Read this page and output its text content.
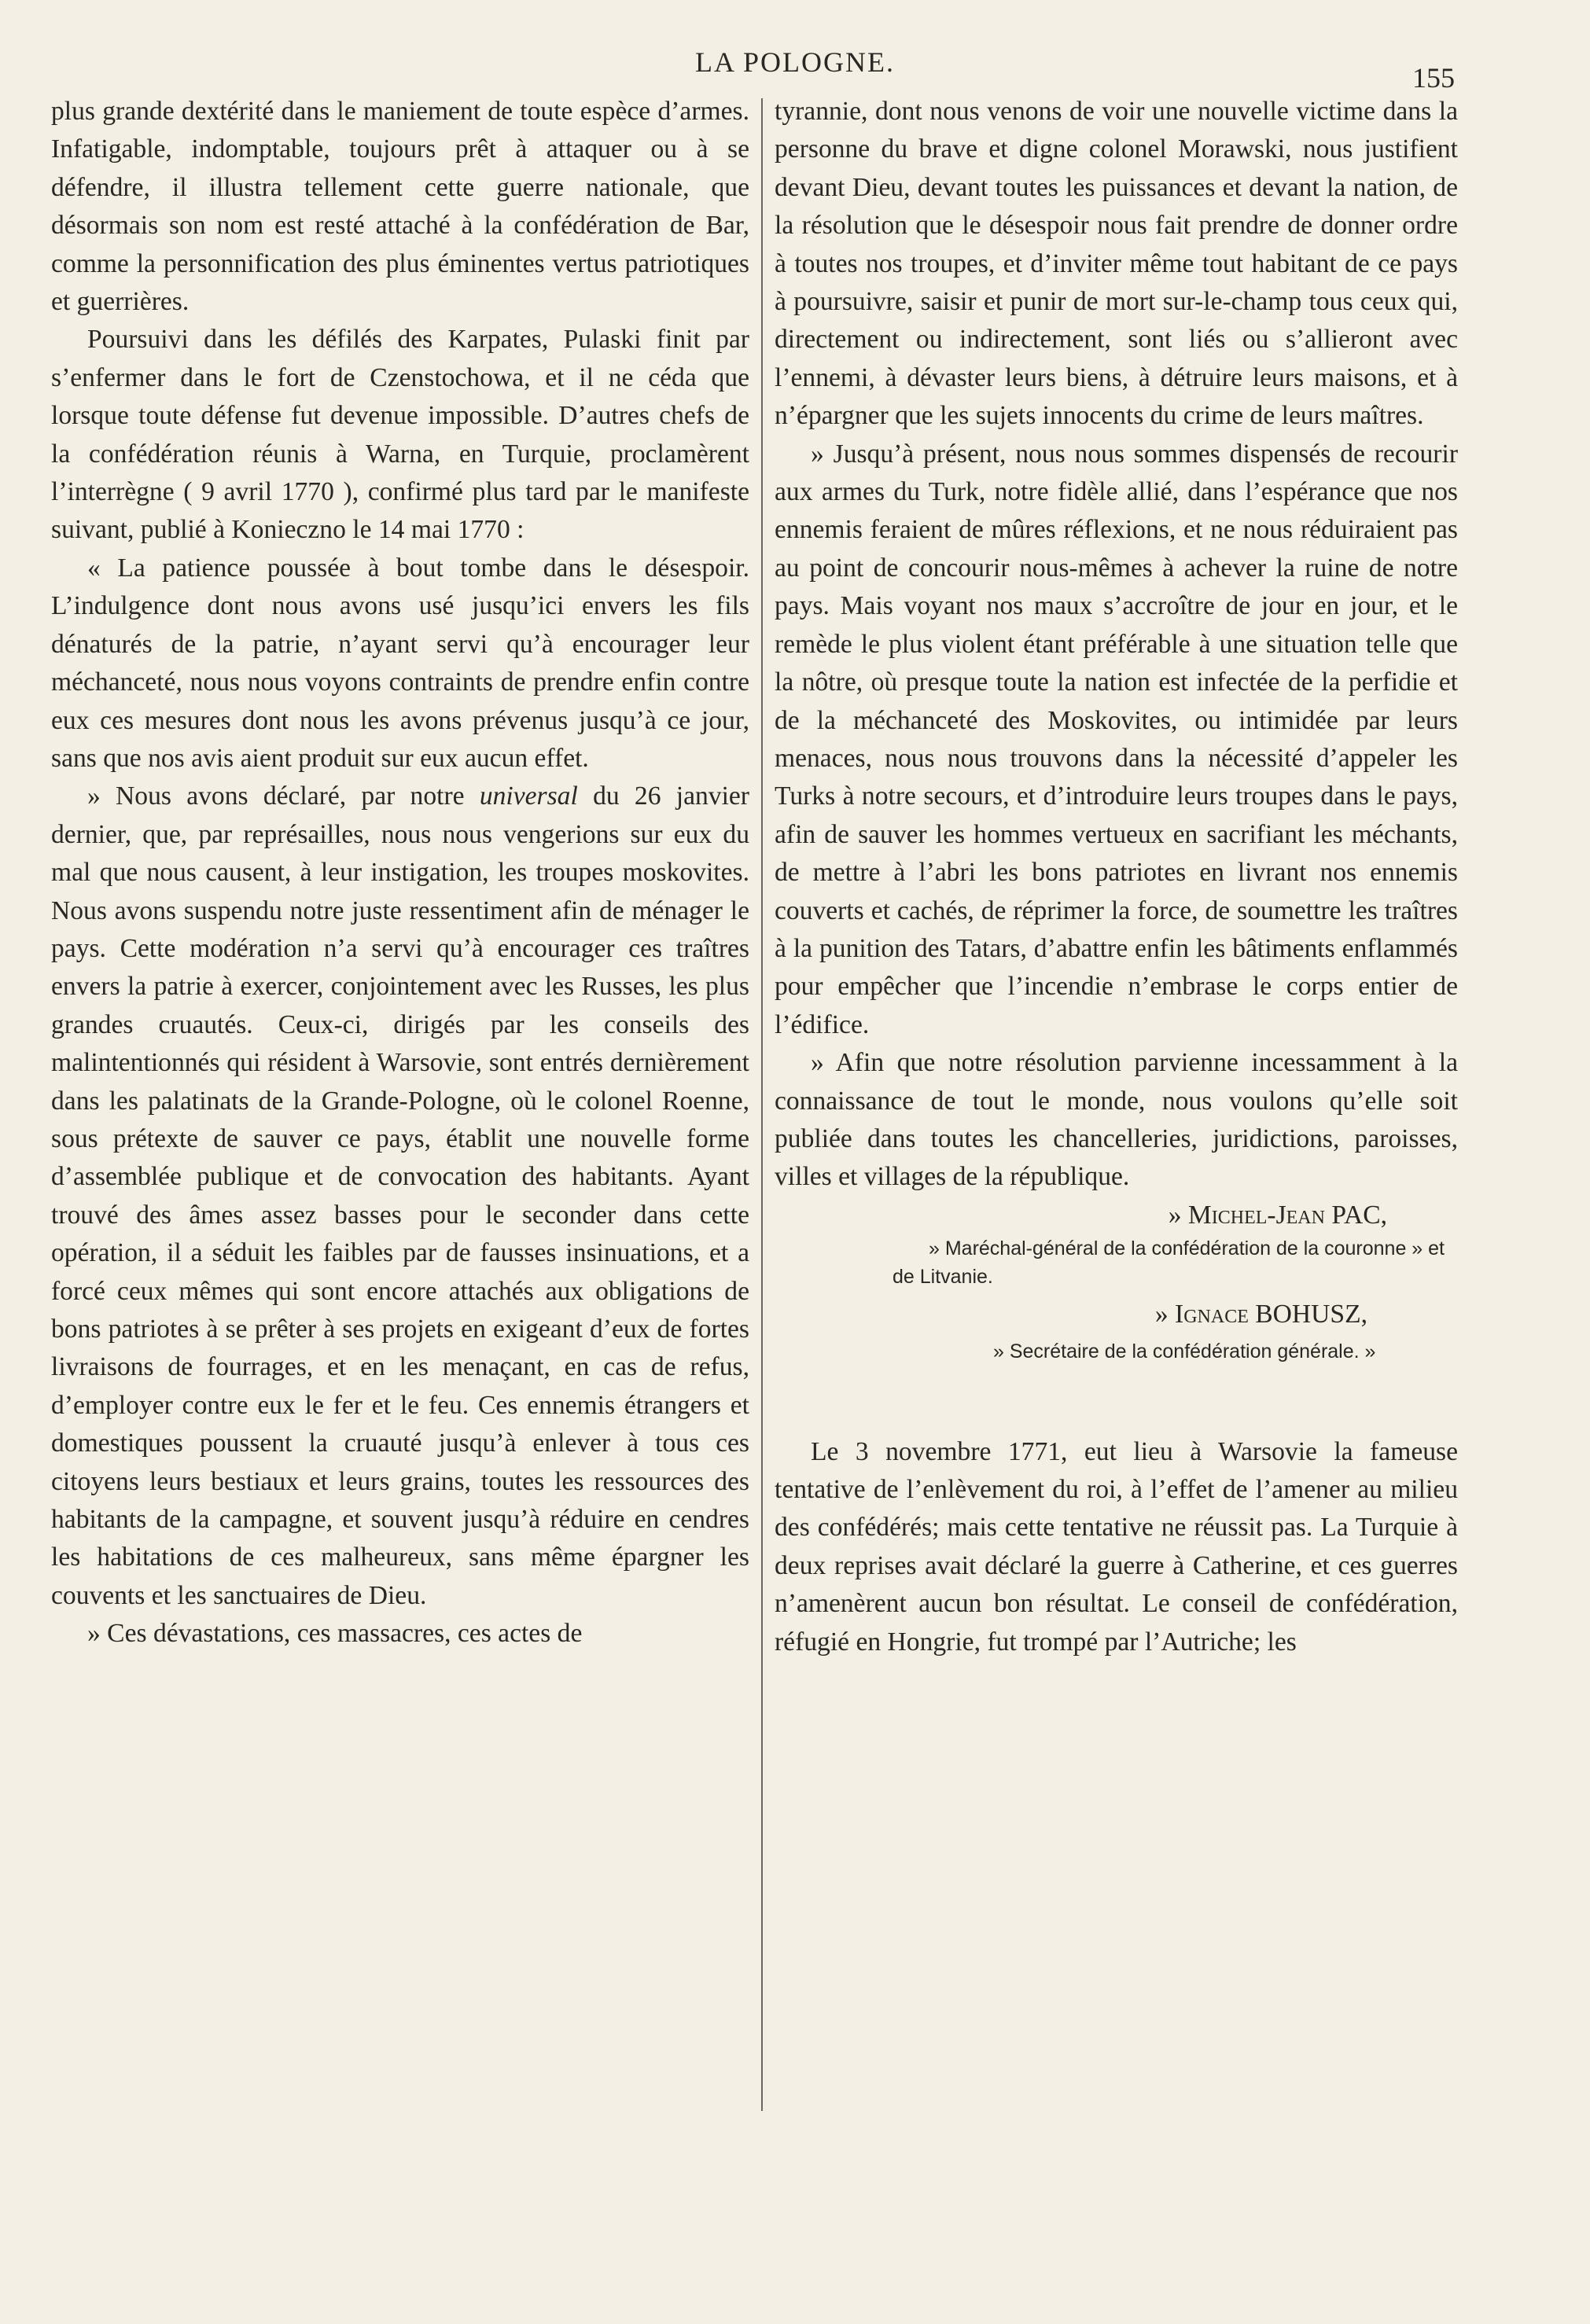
LA POLOGNE.	155

plus grande dextérité dans le maniement de toute espèce d’armes. Infatigable, indomptable, toujours prêt à attaquer ou à se défendre, il illustra tellement cette guerre nationale, que désormais son nom est resté attaché à la confédération de Bar, comme la personnification des plus éminentes vertus patriotiques et guerrières.

Poursuivi dans les défilés des Karpates, Pulaski finit par s’enfermer dans le fort de Czenstochowa, et il ne céda que lorsque toute défense fut devenue impossible. D’autres chefs de la confédération réunis à Warna, en Turquie, proclamèrent l’interrègne ( 9 avril 1770 ), confirmé plus tard par le manifeste suivant, publié à Konieczno le 14 mai 1770 :

« La patience poussée à bout tombe dans le désespoir. L’indulgence dont nous avons usé jusqu’ici envers les fils dénaturés de la patrie, n’ayant servi qu’à encourager leur méchanceté, nous nous voyons contraints de prendre enfin contre eux ces mesures dont nous les avons prévenus jusqu’à ce jour, sans que nos avis aient produit sur eux aucun effet.

» Nous avons déclaré, par notre universal du 26 janvier dernier, que, par représailles, nous nous vengerions sur eux du mal que nous causent, à leur instigation, les troupes moskovites. Nous avons suspendu notre juste ressentiment afin de ménager le pays. Cette modération n’a servi qu’à encourager ces traîtres envers la patrie à exercer, conjointement avec les Russes, les plus grandes cruautés. Ceux-ci, dirigés par les conseils des malintentionnés qui résident à Warsovie, sont entrés dernièrement dans les palatinats de la Grande-Pologne, où le colonel Roenne, sous prétexte de sauver ce pays, établit une nouvelle forme d’assemblée publique et de convocation des habitants. Ayant trouvé des âmes assez basses pour le seconder dans cette opération, il a séduit les faibles par de fausses insinuations, et a forcé ceux mêmes qui sont encore attachés aux obligations de bons patriotes à se prêter à ses projets en exigeant d’eux de fortes livraisons de fourrages, et en les menaçant, en cas de refus, d’employer contre eux le fer et le feu. Ces ennemis étrangers et domestiques poussent la cruauté jusqu’à enlever à tous ces citoyens leurs bestiaux et leurs grains, toutes les ressources des habitants de la campagne, et souvent jusqu’à réduire en cendres les habitations de ces malheureux, sans même épargner les couvents et les sanctuaires de Dieu.

» Ces dévastations, ces massacres, ces actes de

tyrannie, dont nous venons de voir une nouvelle victime dans la personne du brave et digne colonel Morawski, nous justifient devant Dieu, devant toutes les puissances et devant la nation, de la résolution que le désespoir nous fait prendre de donner ordre à toutes nos troupes, et d’inviter même tout habitant de ce pays à poursuivre, saisir et punir de mort sur-le-champ tous ceux qui, directement ou indirectement, sont liés ou s’allieront avec l’ennemi, à dévaster leurs biens, à détruire leurs maisons, et à n’épargner que les sujets innocents du crime de leurs maîtres.

» Jusqu’à présent, nous nous sommes dispensés de recourir aux armes du Turk, notre fidèle allié, dans l’espérance que nos ennemis feraient de mûres réflexions, et ne nous réduiraient pas au point de concourir nous-mêmes à achever la ruine de notre pays. Mais voyant nos maux s’accroître de jour en jour, et le remède le plus violent étant préférable à une situation telle que la nôtre, où presque toute la nation est infectée de la perfidie et de la méchanceté des Moskovites, ou intimidée par leurs menaces, nous nous trouvons dans la nécessité d’appeler les Turks à notre secours, et d’introduire leurs troupes dans le pays, afin de sauver les hommes vertueux en sacrifiant les méchants, de mettre à l’abri les bons patriotes en livrant nos ennemis couverts et cachés, de réprimer la force, de soumettre les traîtres à la punition des Tatars, d’abattre enfin les bâtiments enflammés pour empêcher que l’incendie n’embrase le corps entier de l’édifice.

» Afin que notre résolution parvienne incessamment à la connaissance de tout le monde, nous voulons qu’elle soit publiée dans toutes les chancelleries, juridictions, paroisses, villes et villages de la république.

» Michel-Jean PAC,

» Maréchal-général de la confédération de la couronne » et de Litvanie.

» Ignace BOHUSZ,

» Secrétaire de la confédération générale. »

Le 3 novembre 1771, eut lieu à Warsovie la fameuse tentative de l’enlèvement du roi, à l’effet de l’amener au milieu des confédérés; mais cette tentative ne réussit pas. La Turquie à deux reprises avait déclaré la guerre à Catherine, et ces guerres n’amenèrent aucun bon résultat. Le conseil de confédération, réfugié en Hongrie, fut trompé par l’Autriche; les
